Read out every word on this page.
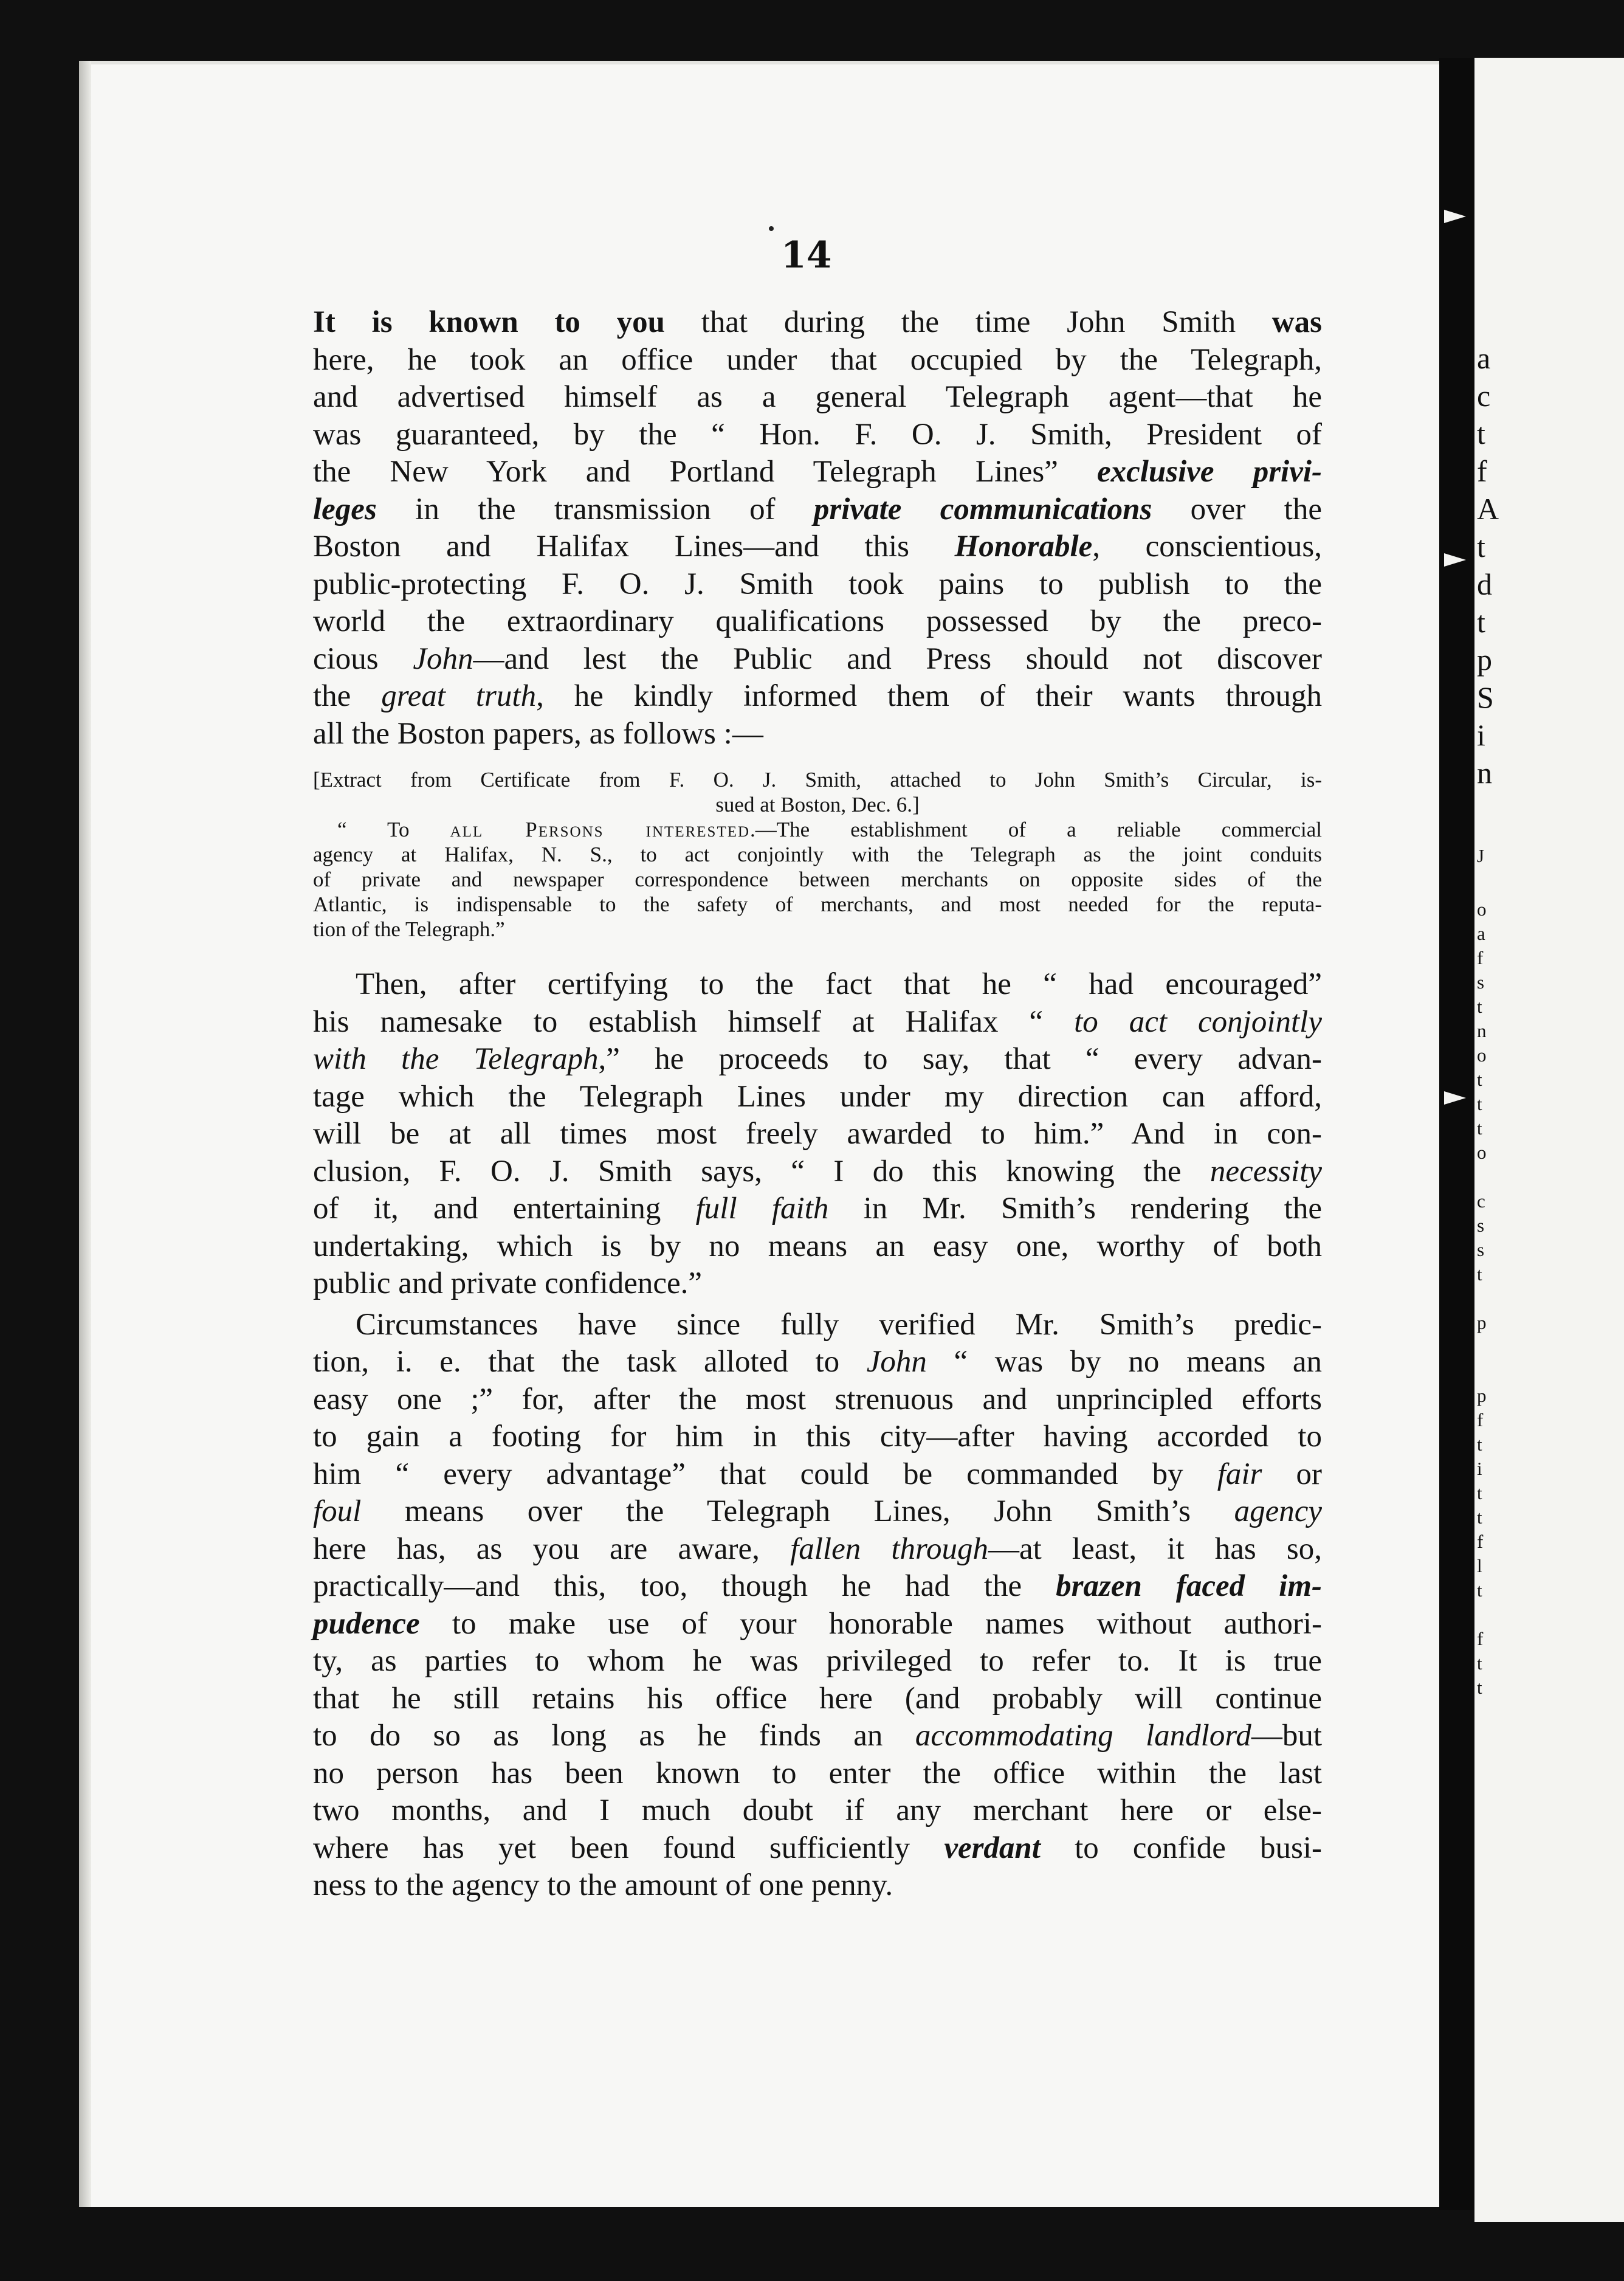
a
c
t
f
A
t
d
t
p
S
i
n
J
o
a
f
s
t
n
o
t
t
t
o
c
s
s
t
p
p
f
t
i
t
t
f
l
t
f
t
t
14

It is known to you that during the time John Smith was
here, he took an office under that occupied by the Telegraph,
and advertised himself as a general Telegraph agent—that he
was guaranteed, by the “ Hon. F. O. J. Smith, President of
the New York and Portland Telegraph Lines” exclusive privi-
leges in the transmission of private communications over the
Boston and Halifax Lines—and this Honorable, conscientious,
public-protecting F. O. J. Smith took pains to publish to the
world the extraordinary qualifications possessed by the preco-
cious John—and lest the Public and Press should not discover
the great truth, he kindly informed them of their wants through
all the Boston papers, as follows :—

[Extract from Certificate from F. O. J. Smith, attached to John Smith’s Circular, is-
sued at Boston, Dec. 6.]
“ To all Persons interested.—The establishment of a reliable commercial
agency at Halifax, N. S., to act conjointly with the Telegraph as the joint conduits
of private and newspaper correspondence between merchants on opposite sides of the
Atlantic, is indispensable to the safety of merchants, and most needed for the reputa-
tion of the Telegraph.”

Then, after certifying to the fact that he “ had encouraged”
his namesake to establish himself at Halifax “ to act conjointly
with the Telegraph,” he proceeds to say, that “ every advan-
tage which the Telegraph Lines under my direction can afford,
will be at all times most freely awarded to him.” And in con-
clusion, F. O. J. Smith says, “ I do this knowing the necessity
of it, and entertaining full faith in Mr. Smith’s rendering the
undertaking, which is by no means an easy one, worthy of both
public and private confidence.”

Circumstances have since fully verified Mr. Smith’s predic-
tion, i. e. that the task alloted to John “ was by no means an
easy one ;” for, after the most strenuous and unprincipled efforts
to gain a footing for him in this city—after having accorded to
him “ every advantage” that could be commanded by fair or
foul means over the Telegraph Lines, John Smith’s agency
here has, as you are aware, fallen through—at least, it has so,
practically—and this, too, though he had the brazen faced im-
pudence to make use of your honorable names without authori-
ty, as parties to whom he was privileged to refer to. It is true
that he still retains his office here (and probably will continue
to do so as long as he finds an accommodating landlord—but
no person has been known to enter the office within the last
two months, and I much doubt if any merchant here or else-
where has yet been found sufficiently verdant to confide busi-
ness to the agency to the amount of one penny.
